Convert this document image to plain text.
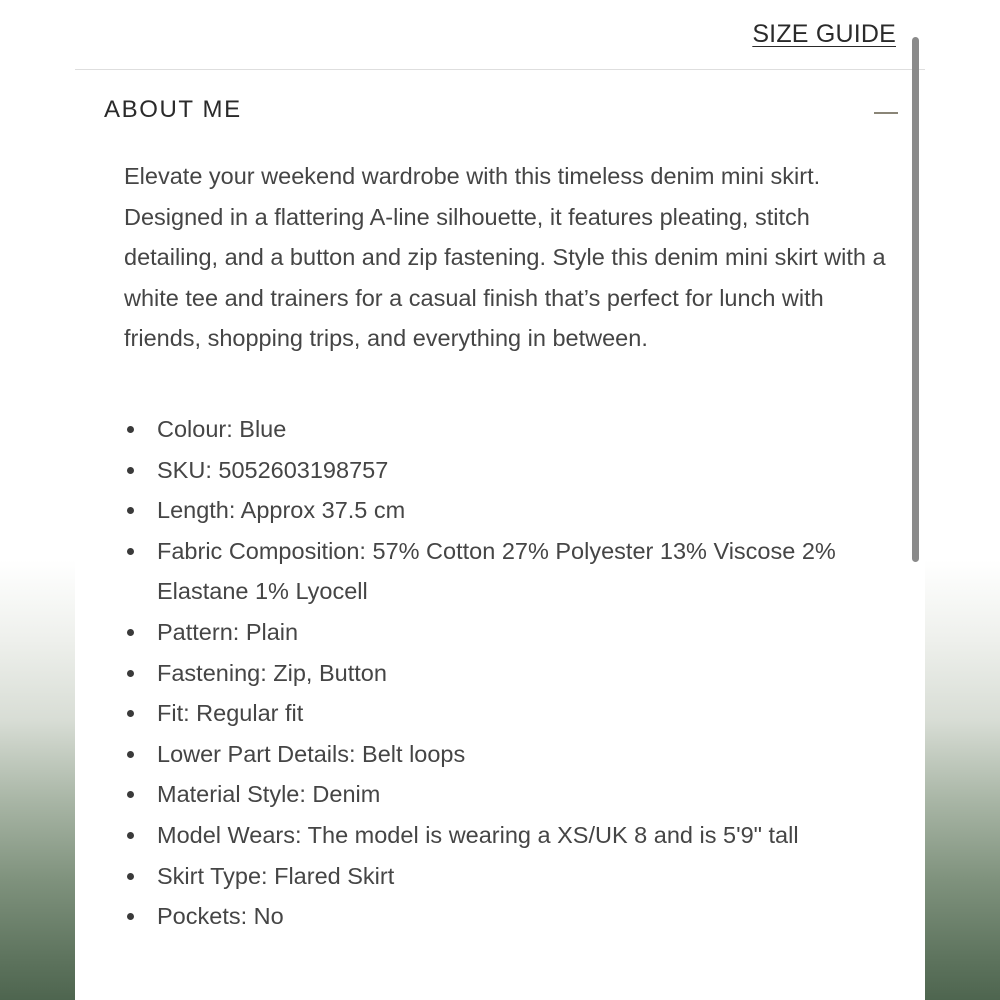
SIZE GUIDE
ABOUT ME

Elevate your weekend wardrobe with this timeless denim mini skirt. Designed in a flattering A-line silhouette, it features pleating, stitch detailing, and a button and zip fastening. Style this denim mini skirt with a white tee and trainers for a casual finish that’s perfect for lunch with friends, shopping trips, and everything in between.

Colour: Blue
SKU: 5052603198757
Length: Approx 37.5 cm
Fabric Composition: 57% Cotton 27% Polyester 13% Viscose 2% Elastane 1% Lyocell
Pattern: Plain
Fastening: Zip, Button
Fit: Regular fit
Lower Part Details: Belt loops
Material Style: Denim
Model Wears: The model is wearing a XS/UK 8 and is 5'9" tall
Skirt Type: Flared Skirt
Pockets: No
